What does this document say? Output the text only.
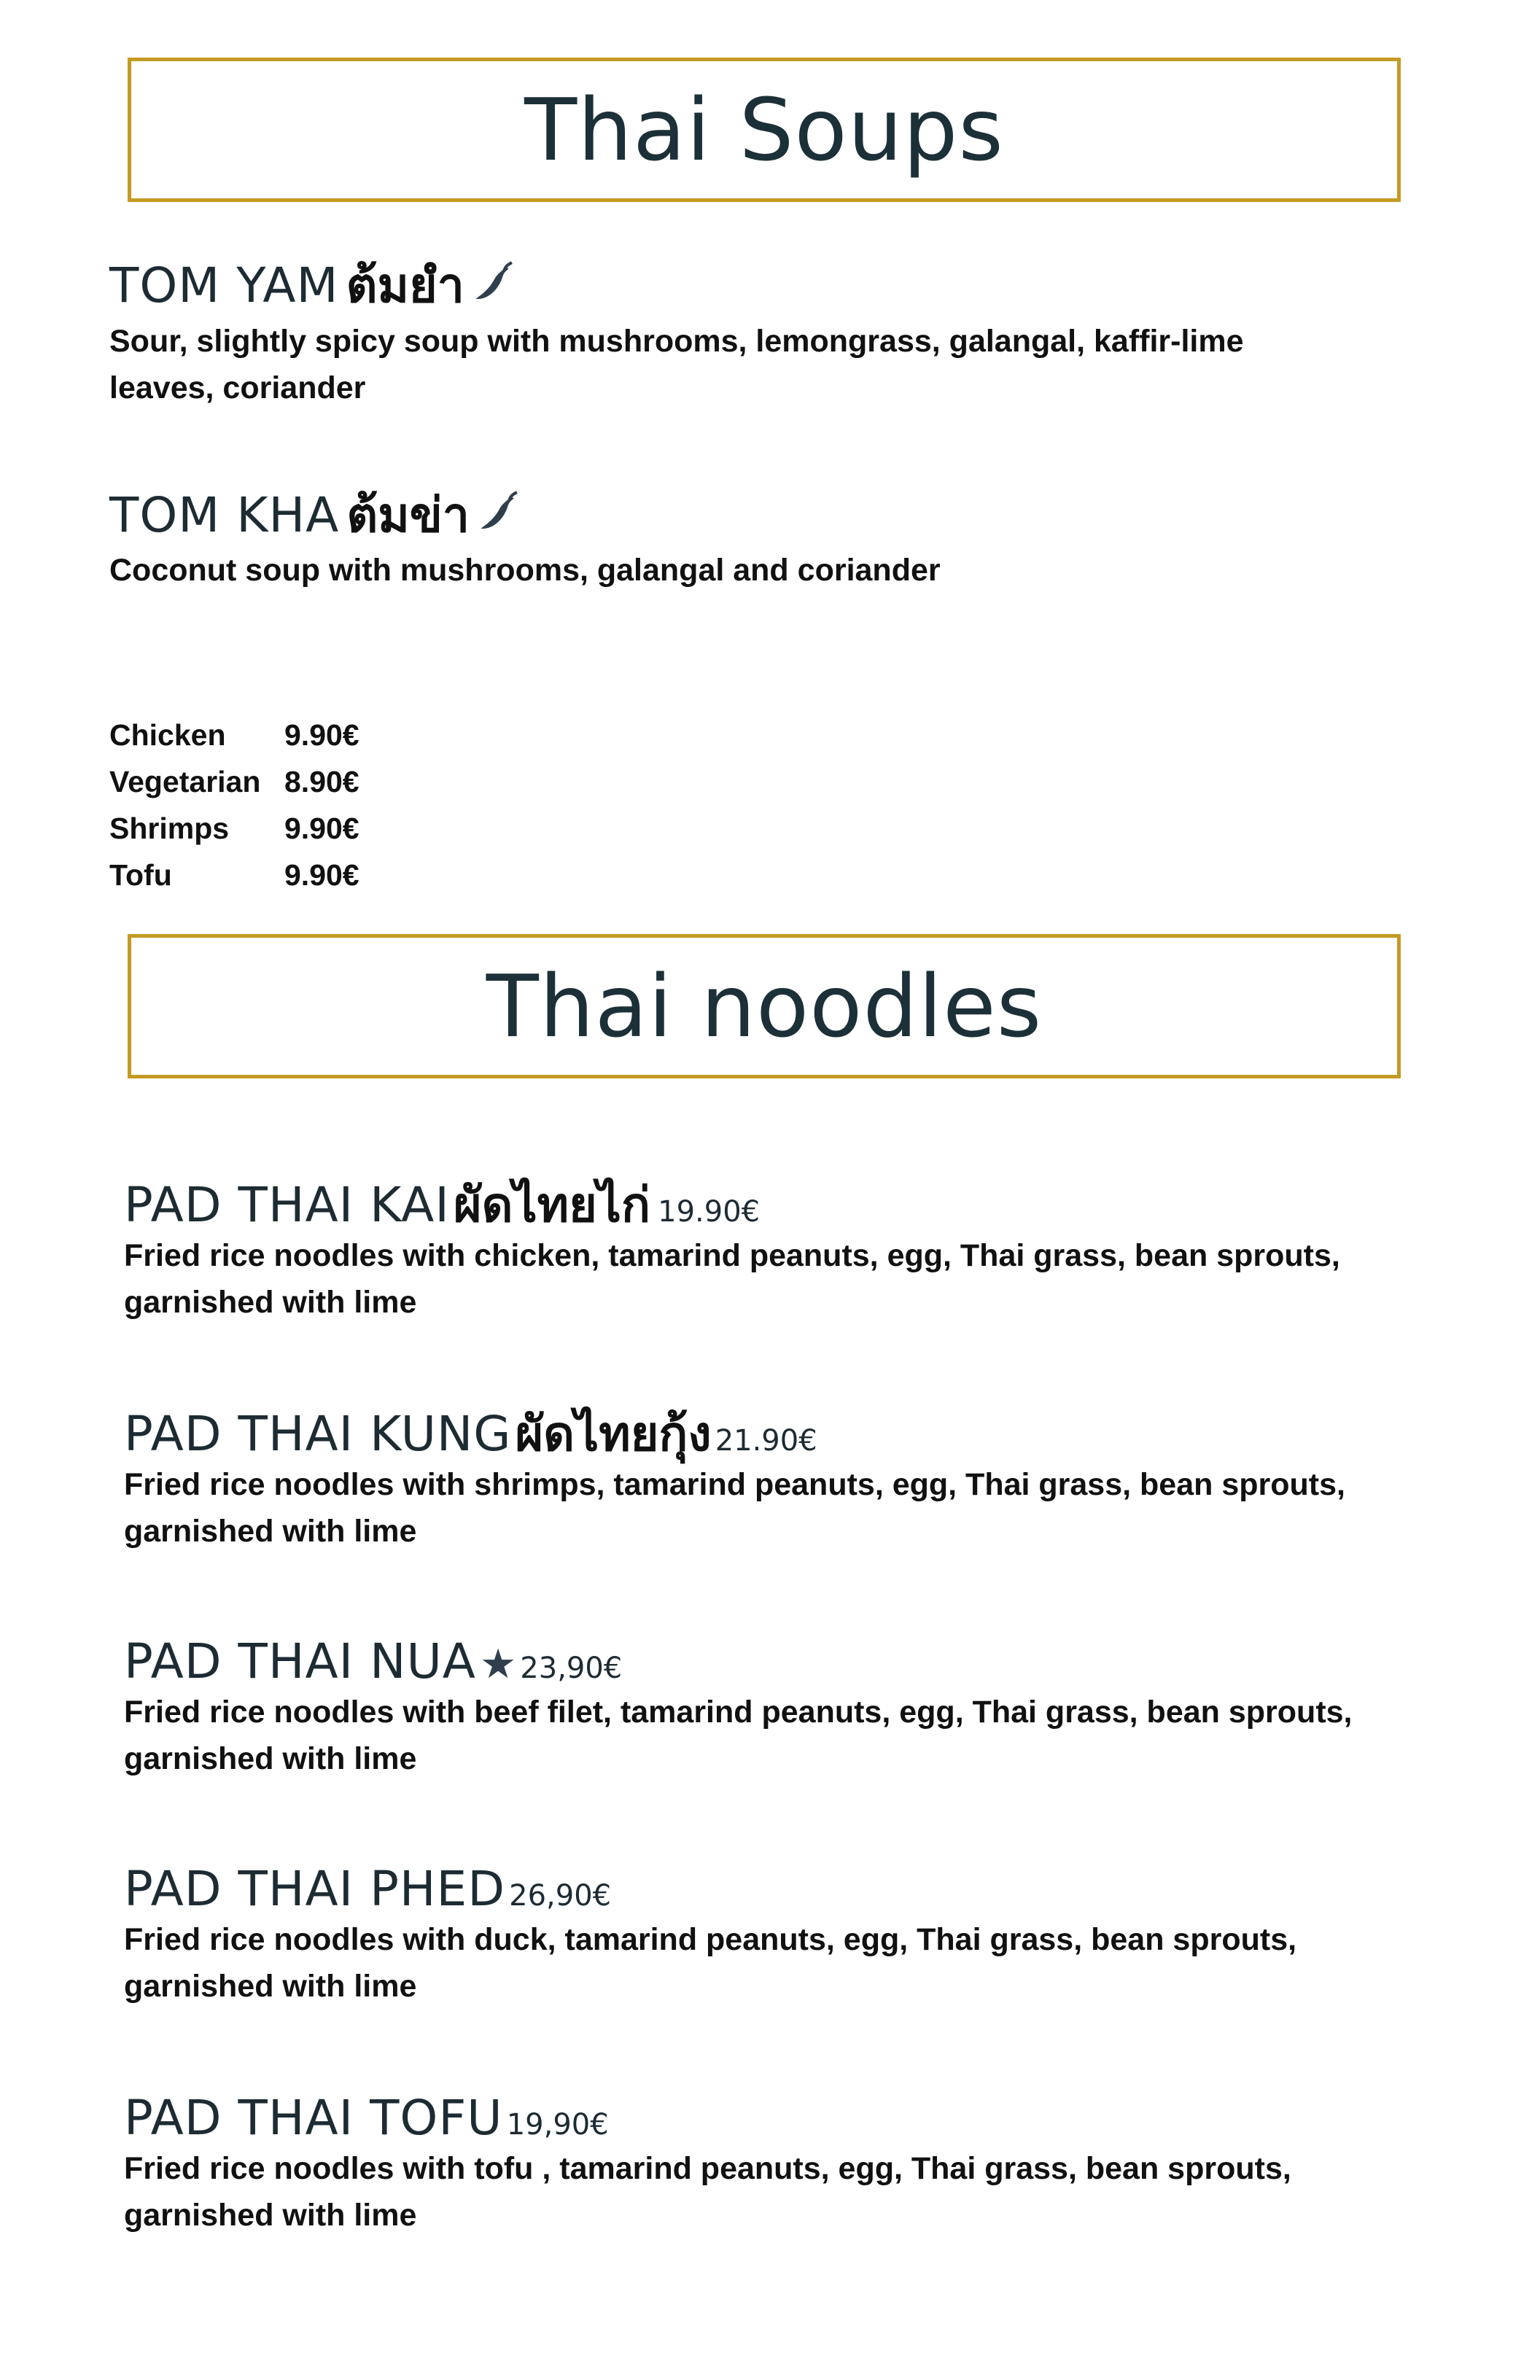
Thai Soups
TOM YAM ต้มยำ
Sour, slightly spicy soup with mushrooms, lemongrass, galangal, kaffir-lime
leaves, coriander
TOM KHA ต้มข่า
Coconut soup with mushrooms, galangal and coriander
Chicken 9.90€
Vegetarian 8.90€
Shrimps 9.90€
Tofu	9.90€
Thai noodles
PAD THAI KAI ผัดไทยไก่ 19.90€
Fried rice noodles with chicken, tamarind peanuts, egg, Thai grass, bean sprouts,
garnished with lime
PAD THAI KUNG ผัดไทยกุ้ง 21.90€
Fried rice noodles with shrimps, tamarind peanuts, egg, Thai grass, bean sprouts,
garnished with lime
PAD THAI NUA ★ 23,90€
Fried rice noodles with beef filet, tamarind peanuts, egg, Thai grass, bean sprouts,
garnished with lime
PAD THAI PHED 26,90€
Fried rice noodles with duck, tamarind peanuts, egg, Thai grass, bean sprouts,
garnished with lime
PAD THAI TOFU 19,90€
Fried rice noodles with tofu , tamarind peanuts, egg, Thai grass, bean sprouts,
garnished with lime
